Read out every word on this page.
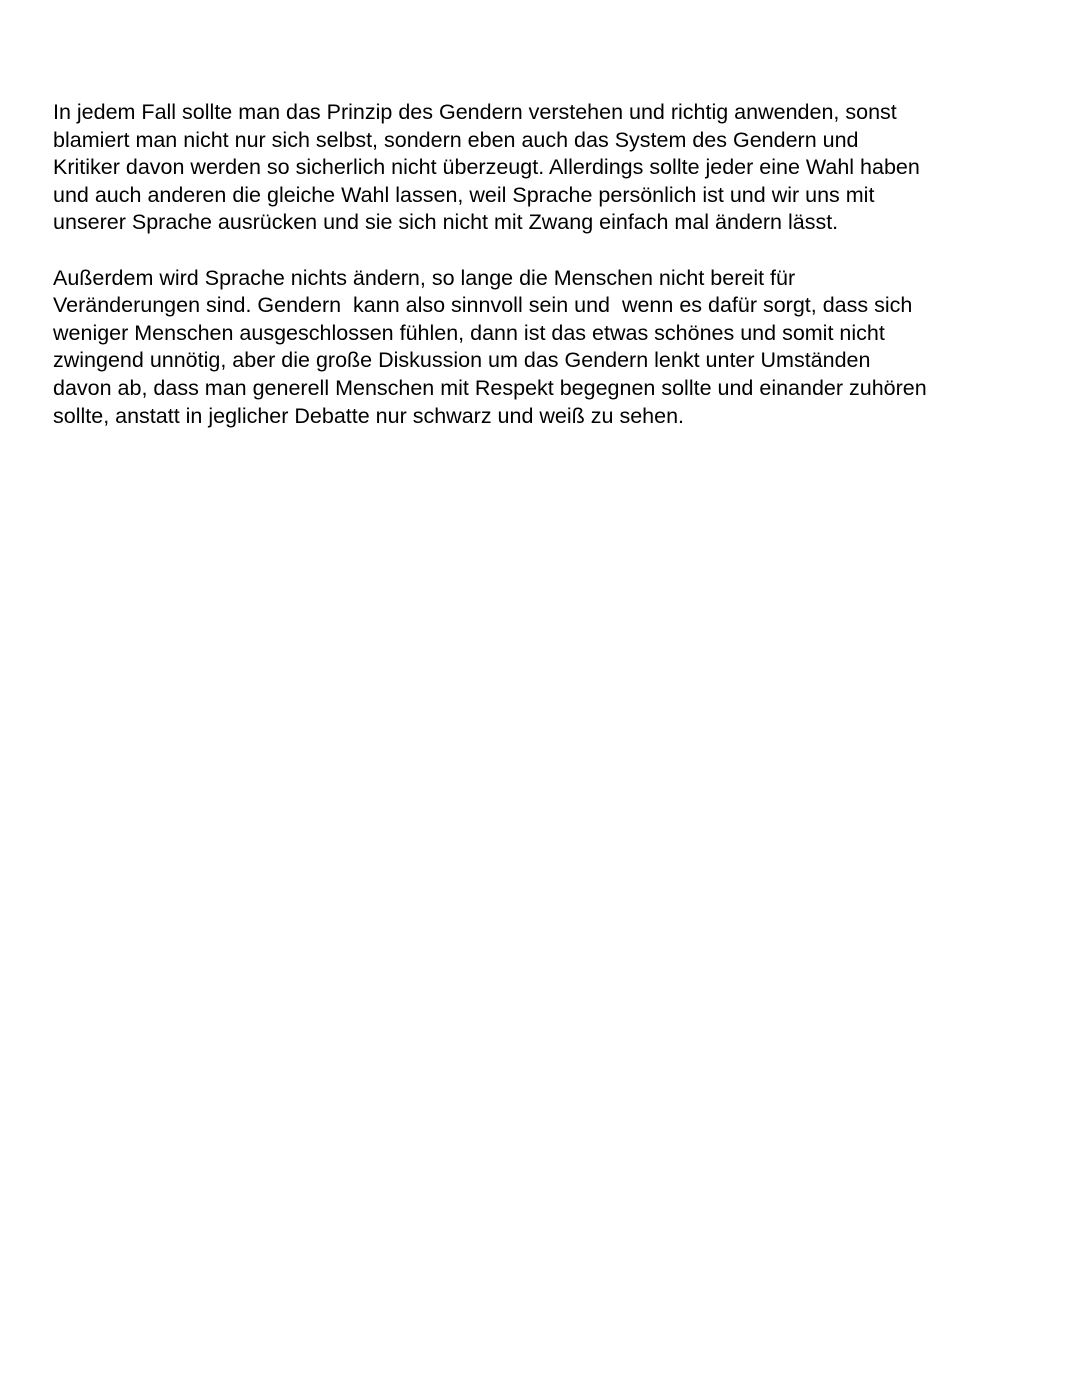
In jedem Fall sollte man das Prinzip des Gendern verstehen und richtig anwenden, sonst
blamiert man nicht nur sich selbst, sondern eben auch das System des Gendern und
Kritiker davon werden so sicherlich nicht überzeugt. Allerdings sollte jeder eine Wahl haben
und auch anderen die gleiche Wahl lassen, weil Sprache persönlich ist und wir uns mit
unserer Sprache ausrücken und sie sich nicht mit Zwang einfach mal ändern lässt.

Außerdem wird Sprache nichts ändern, so lange die Menschen nicht bereit für
Veränderungen sind. Gendern  kann also sinnvoll sein und  wenn es dafür sorgt, dass sich
weniger Menschen ausgeschlossen fühlen, dann ist das etwas schönes und somit nicht
zwingend unnötig, aber die große Diskussion um das Gendern lenkt unter Umständen
davon ab, dass man generell Menschen mit Respekt begegnen sollte und einander zuhören
sollte, anstatt in jeglicher Debatte nur schwarz und weiß zu sehen.
